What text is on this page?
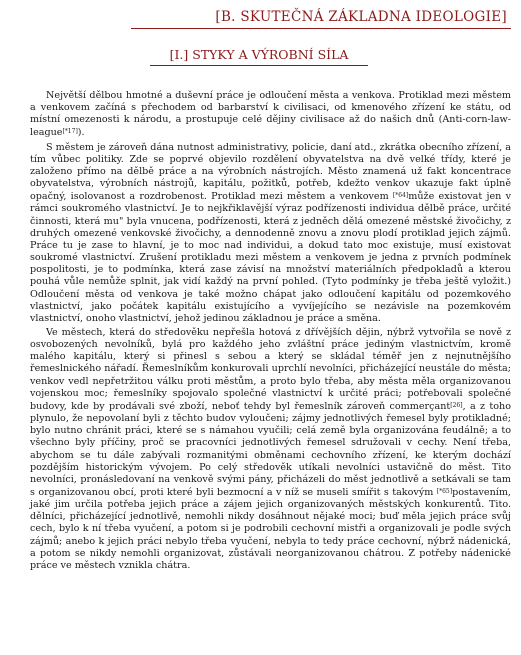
[B. SKUTEČNÁ ZÁKLADNA IDEOLOGIE]
[I.] STYKY A VÝROBNÍ SÍLA

Největší dělbou hmotné a duševní práce je odloučení města a venkova. Protiklad mezi městem a venkovem začíná s přechodem od barbarství k civilisaci, od kmenového zřízení ke státu, od místní omezenosti k národu, a prostupuje celé dějiny civilisace až do našich dnů (Anti-corn-law-league[*17]).

S městem je zároveň dána nutnost administrativy, policie, daní atd., zkrátka obecního zřízení, a tím vůbec politiky. Zde se poprvé objevilo rozdělení obyvatelstva na dvě velké třídy, které je založeno přímo na dělbě práce a na výrobních nástrojích. Město znamená už fakt koncentrace obyvatelstva, výrobních nástrojů, kapitálu, požitků, potřeb, kdežto venkov ukazuje fakt úplně opačný, isolovanost a rozdrobenost. Protiklad mezi městem a venkovem [*64]může existovat jen v rámci soukromého vlastnictví. Je to nejkřiklavější výraz podřízenosti individua dělbě práce, určité činnosti, která mu" byla vnucena, podřízenosti, která z jedněch dělá omezené městské živočichy, z druhých omezené venkovské živočichy, a dennodenně znovu a znovu plodí protiklad jejich zájmů. Práce tu je zase to hlavní, je to moc nad individui, a dokud tato moc existuje, musí existovat soukromé vlastnictví. Zrušení protikladu mezi městem a venkovem je jedna z prvních podmínek pospolitosti, je to podmínka, která zase závisí na množství materiálních předpokladů a kterou pouhá vůle nemůže splnit, jak vidí každý na první pohled. (Tyto podmínky je třeba ještě vyložit.) Odloučení města od venkova je také možno chápat jako odloučení kapitálu od pozemkového vlastnictví, jako počátek kapitálu existujícího a vyvíjejícího se nezávisle na pozemkovém vlastnictví, onoho vlastnictví, jehož jedinou základnou je práce a směna.

Ve městech, která do středověku nepřešla hotová z dřívějších dějin, nýbrž vytvořila se nově z osvobozených nevolníků, bylá pro každého jeho zvláštní práce jediným vlastnictvím, kromě malého kapitálu, který si přinesl s sebou a který se skládal téměř jen z nejnutnějšího řemeslnického nářadí. Řemeslníkům konkurovali uprchlí nevolníci, přicházející neustále do města; venkov vedl nepřetržitou válku proti městům, a proto bylo třeba, aby města měla organizovanou vojenskou moc; řemeslníky spojovalo společné vlastnictví k určité práci; potřebovali společné budovy, kde by prodávali své zboží, neboť tehdy byl řemeslník zároveň commerçant[26], a z toho plynulo, že nepovolaní byli z těchto budov vyloučeni; zájmy jednotlivých řemesel byly protikladné; bylo nutno chránit práci, které se s námahou vyučili; celá země byla organizována feudálně; a to všechno byly příčiny, proč se pracovníci jednotlivých řemesel sdružovali v cechy. Není třeba, abychom se tu dále zabývali rozmanitými obměnami cechovního zřízení, ke kterým dochází pozdějším historickým vývojem. Po celý středověk utíkali nevolníci ustavičně do měst. Tito nevolníci, pronásledovaní na venkově svými pány, přicházeli do měst jednotlivě a setkávali se tam s organizovanou obcí, proti které byli bezmocní a v níž se museli smířit s takovým [*65]postavením, jaké jim určila potřeba jejich práce a zájem jejich organizovaných městských konkurentů. Tito. dělníci, přicházející jednotlivě, nemohli nikdy dosáhnout nějaké moci; buď měla jejich práce svůj cech, bylo k ní třeba vyučení, a potom si je podrobili cechovní mistři a organizovali je podle svých zájmů; anebo k jejich práci nebylo třeba vyučení, nebyla to tedy práce cechovní, nýbrž nádenická, a potom se nikdy nemohli organizovat, zůstávali neorganizovanou chátrou. Z potřeby nádenické práce ve městech vznikla chátra.
